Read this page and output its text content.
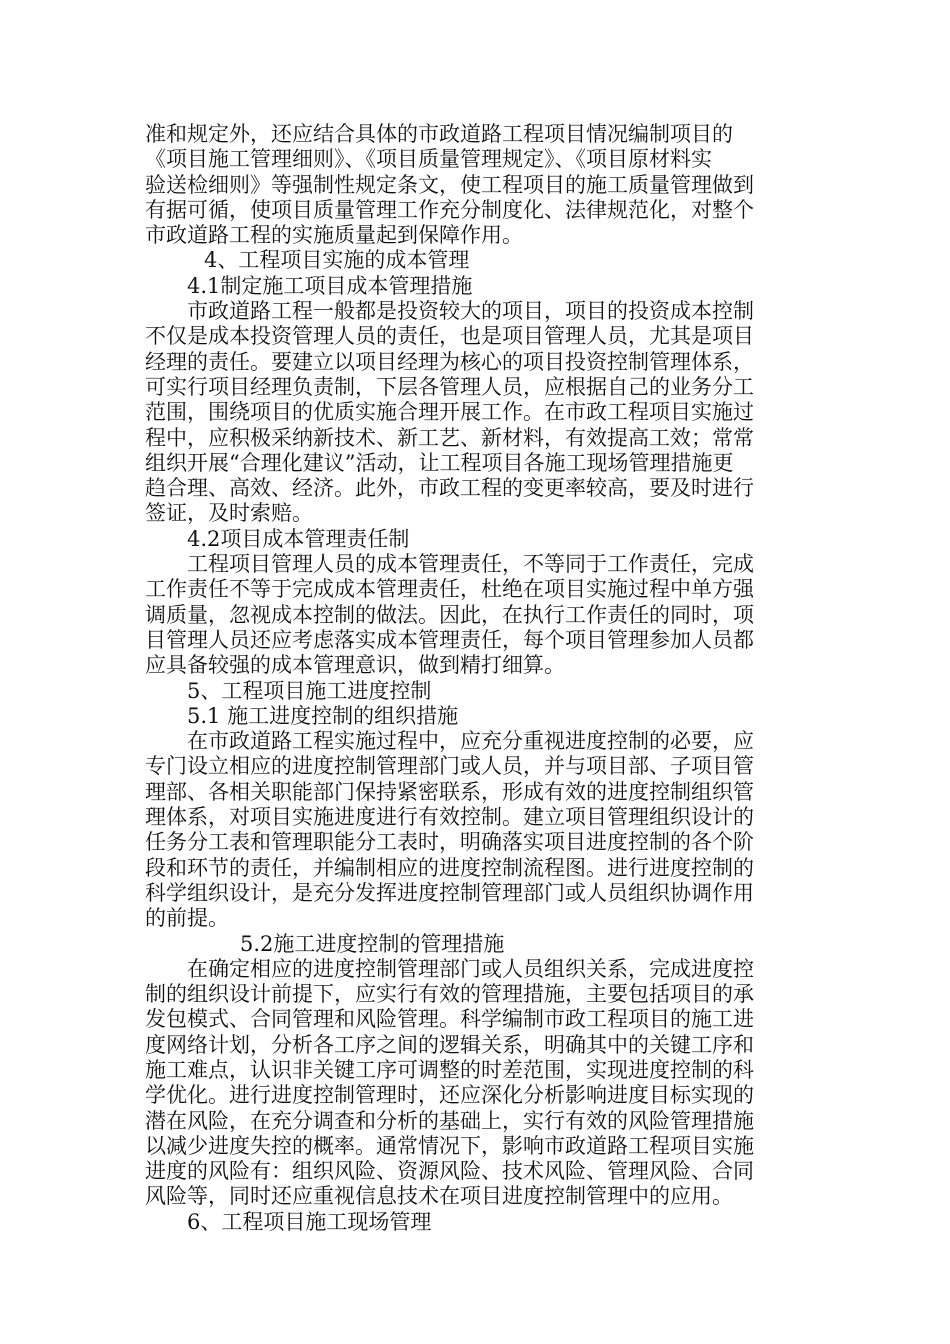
准和规定外，还应结合具体的市政道路工程项目情况编制项目的
《项目施工管理细则》、《项目质量管理规定》、《项目原材料实
验送检细则》等强制性规定条文，使工程项目的施工质量管理做到
有据可循，使项目质量管理工作充分制度化、法律规范化，对整个
市政道路工程的实施质量起到保障作用。
4、工程项目实施的成本管理
4.1制定施工项目成本管理措施
市政道路工程一般都是投资较大的项目，项目的投资成本控制
不仅是成本投资管理人员的责任，也是项目管理人员，尤其是项目
经理的责任。要建立以项目经理为核心的项目投资控制管理体系，
可实行项目经理负责制，下层各管理人员，应根据自己的业务分工
范围，围绕项目的优质实施合理开展工作。在市政工程项目实施过
程中，应积极采纳新技术、新工艺、新材料，有效提高工效；常常
组织开展“合理化建议”活动，让工程项目各施工现场管理措施更
趋合理、高效、经济。此外，市政工程的变更率较高，要及时进行
签证，及时索赔。
4.2项目成本管理责任制
工程项目管理人员的成本管理责任，不等同于工作责任，完成
工作责任不等于完成成本管理责任，杜绝在项目实施过程中单方强
调质量，忽视成本控制的做法。因此，在执行工作责任的同时，项
目管理人员还应考虑落实成本管理责任，每个项目管理参加人员都
应具备较强的成本管理意识，做到精打细算。
5、工程项目施工进度控制
5.1 施工进度控制的组织措施
在市政道路工程实施过程中，应充分重视进度控制的必要，应
专门设立相应的进度控制管理部门或人员，并与项目部、子项目管
理部、各相关职能部门保持紧密联系，形成有效的进度控制组织管
理体系，对项目实施进度进行有效控制。建立项目管理组织设计的
任务分工表和管理职能分工表时，明确落实项目进度控制的各个阶
段和环节的责任，并编制相应的进度控制流程图。进行进度控制的
科学组织设计，是充分发挥进度控制管理部门或人员组织协调作用
的前提。
5.2施工进度控制的管理措施
在确定相应的进度控制管理部门或人员组织关系，完成进度控
制的组织设计前提下，应实行有效的管理措施，主要包括项目的承
发包模式、合同管理和风险管理。科学编制市政工程项目的施工进
度网络计划，分析各工序之间的逻辑关系，明确其中的关键工序和
施工难点，认识非关键工序可调整的时差范围，实现进度控制的科
学优化。进行进度控制管理时，还应深化分析影响进度目标实现的
潜在风险，在充分调查和分析的基础上，实行有效的风险管理措施
以减少进度失控的概率。通常情况下，影响市政道路工程项目实施
进度的风险有：组织风险、资源风险、技术风险、管理风险、合同
风险等，同时还应重视信息技术在项目进度控制管理中的应用。
6、工程项目施工现场管理
